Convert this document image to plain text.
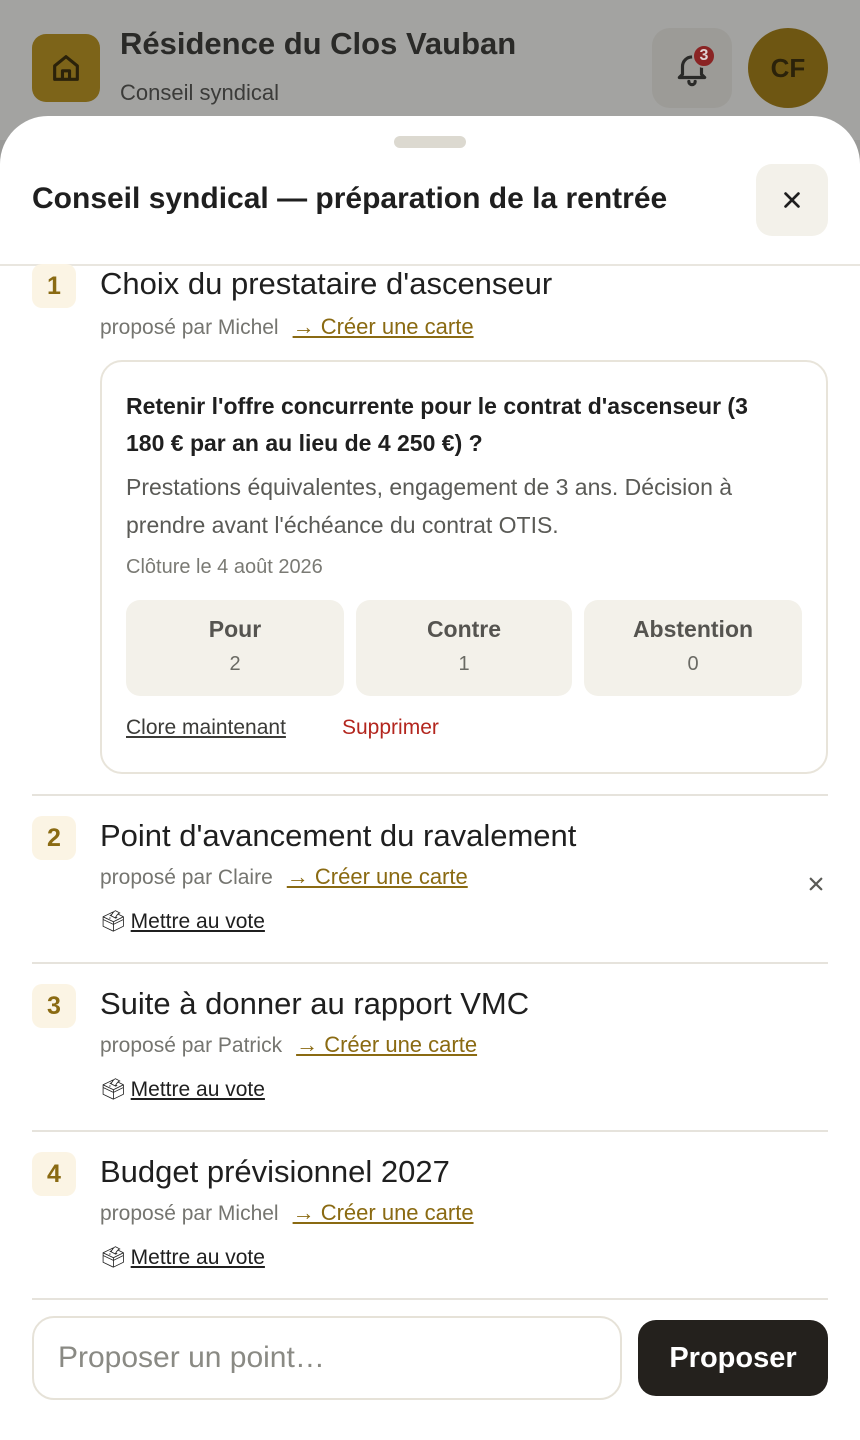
Résidence du Clos Vauban
Conseil syndical
3	CF
Conseil syndical — préparation de la rentrée
1	Choix du prestataire d'ascenseur
proposé par Michel → Créer une carte
Retenir l'offre concurrente pour le contrat d'ascenseur (3 180 € par an au lieu de 4 250 €) ?
Prestations équivalentes, engagement de 3 ans. Décision à prendre avant l'échéance du contrat OTIS.
Clôture le 4 août 2026
Pour
2
Contre
1
Abstention
0
Clore maintenant	Supprimer
2	Point d'avancement du ravalement
proposé par Claire → Créer une carte
🗳 Mettre au vote
3	Suite à donner au rapport VMC
proposé par Patrick → Créer une carte
🗳 Mettre au vote
4	Budget prévisionnel 2027
proposé par Michel → Créer une carte
🗳 Mettre au vote
Proposer un point…
Proposer
